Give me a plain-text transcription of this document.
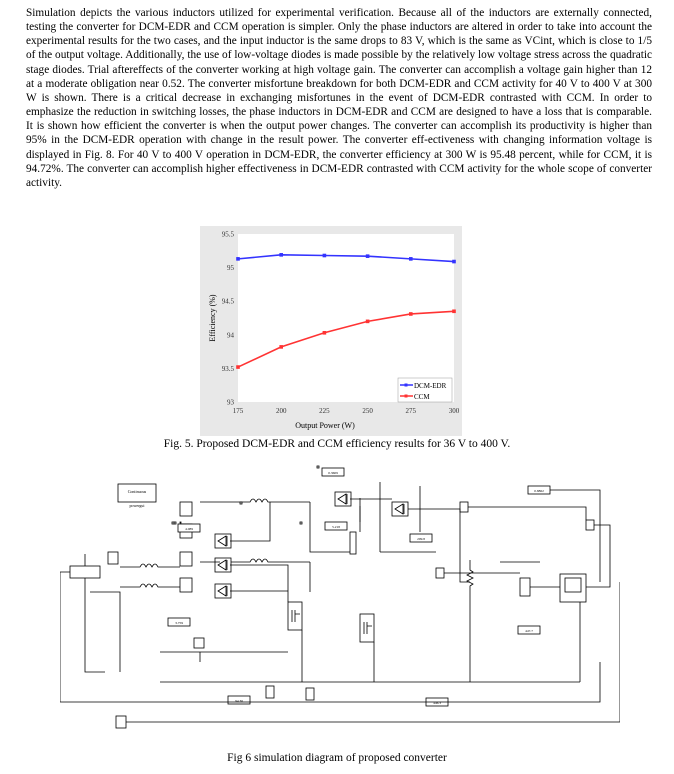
Simulation depicts the various inductors utilized for experimental verification. Because all of the inductors are externally connected, testing the converter for DCM-EDR and CCM operation is simpler. Only the phase inductors are altered in order to take into account the experimental results for the two cases, and the input inductor is the same drops to 83 V, which is the same as VCint, which is close to 1/5 of the output voltage. Additionally, the use of low-voltage diodes is made possible by the relatively low voltage stress across the quadratic stage diodes. Trial aftereffects of the converter working at high voltage gain. The converter can accomplish a voltage gain higher than 12 at a moderate obligation near 0.52. The converter misfortune breakdown for both DCM-EDR and CCM activity for 40 V to 400 V at 300 W is shown. There is a critical decrease in exchanging misfortunes in the event of DCM-EDR contrasted with CCM. In order to emphasize the reduction in switching losses, the phase inductors in DCM-EDR and CCM are designed to have a loss that is comparable. It is shown how efficient the converter is when the output power changes. The converter can accomplish its productivity is higher than 95% in the DCM-EDR operation with change in the result power. The converter eff-ectiveness with changing information voltage is displayed in Fig. 8. For 40 V to 400 V operation in DCM-EDR, the converter efficiency at 300 W is 95.48 percent, while for CCM, it is 94.72%. The converter can accomplish higher effectiveness in DCM-EDR contrasted with CCM activity for the whole scope of converter activity.

93
93.5
94
94.5
95
95.5
175	200	225	250	275	300
Output Power (W)
Efficiency (%)
DCM-EDR
CCM
Fig. 5. Proposed DCM-EDR and CCM efficiency results for 36 V to 400 V.
Continuous
powergui
4.089
3.759
0.3609
5.218
209.8
0.8862
447.7
94.36	446.3
Fig 6 simulation diagram of proposed converter
